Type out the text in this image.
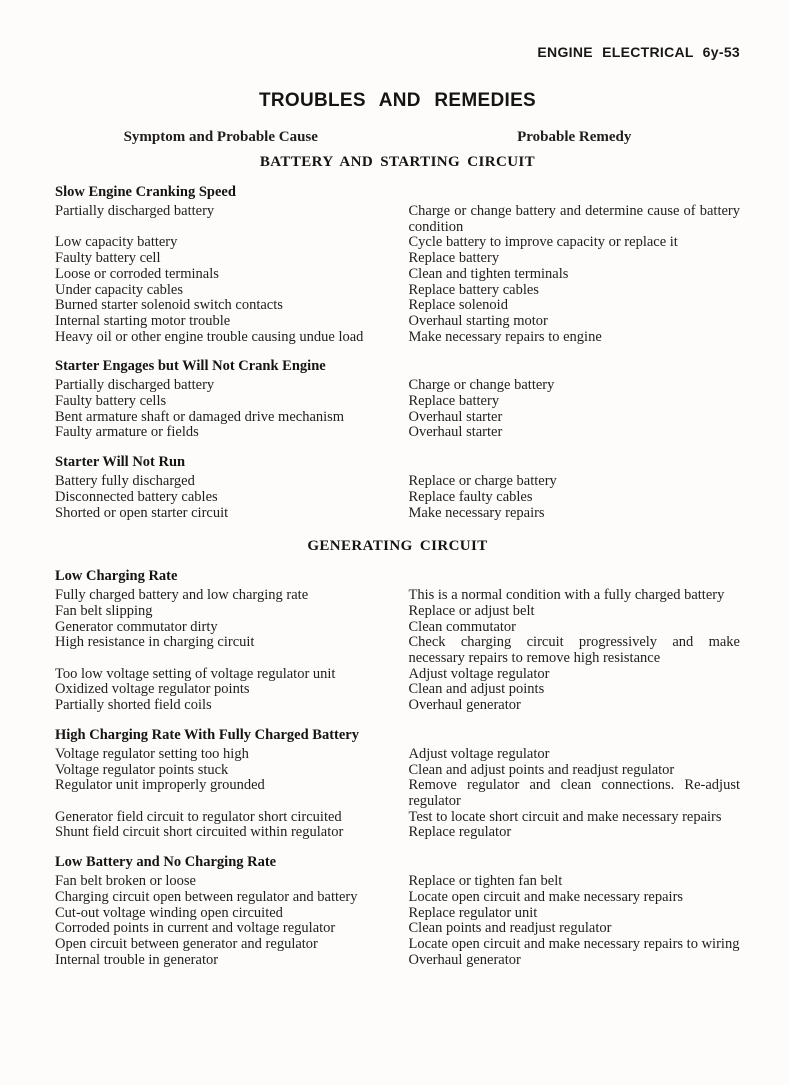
ENGINE ELECTRICAL 6y-53
TROUBLES AND REMEDIES
Symptom and Probable Cause	Probable Remedy
BATTERY AND STARTING CIRCUIT
Slow Engine Cranking Speed
Partially discharged battery	Charge or change battery and determine cause of battery condition
Low capacity battery	Cycle battery to improve capacity or replace it
Faulty battery cell	Replace battery
Loose or corroded terminals	Clean and tighten terminals
Under capacity cables	Replace battery cables
Burned starter solenoid switch contacts	Replace solenoid
Internal starting motor trouble	Overhaul starting motor
Heavy oil or other engine trouble causing undue load	Make necessary repairs to engine
Starter Engages but Will Not Crank Engine
Partially discharged battery	Charge or change battery
Faulty battery cells	Replace battery
Bent armature shaft or damaged drive mechanism	Overhaul starter
Faulty armature or fields	Overhaul starter
Starter Will Not Run
Battery fully discharged	Replace or charge battery
Disconnected battery cables	Replace faulty cables
Shorted or open starter circuit	Make necessary repairs
GENERATING CIRCUIT
Low Charging Rate
Fully charged battery and low charging rate	This is a normal condition with a fully charged battery
Fan belt slipping	Replace or adjust belt
Generator commutator dirty	Clean commutator
High resistance in charging circuit	Check charging circuit progressively and make necessary repairs to remove high resistance
Too low voltage setting of voltage regulator unit	Adjust voltage regulator
Oxidized voltage regulator points	Clean and adjust points
Partially shorted field coils	Overhaul generator
High Charging Rate With Fully Charged Battery
Voltage regulator setting too high	Adjust voltage regulator
Voltage regulator points stuck	Clean and adjust points and readjust regulator
Regulator unit improperly grounded	Remove regulator and clean connections. Re-adjust regulator
Generator field circuit to regulator short circuited	Test to locate short circuit and make necessary repairs
Shunt field circuit short circuited within regulator	Replace regulator
Low Battery and No Charging Rate
Fan belt broken or loose	Replace or tighten fan belt
Charging circuit open between regulator and battery	Locate open circuit and make necessary repairs
Cut-out voltage winding open circuited	Replace regulator unit
Corroded points in current and voltage regulator	Clean points and readjust regulator
Open circuit between generator and regulator	Locate open circuit and make necessary repairs to wiring
Internal trouble in generator	Overhaul generator
